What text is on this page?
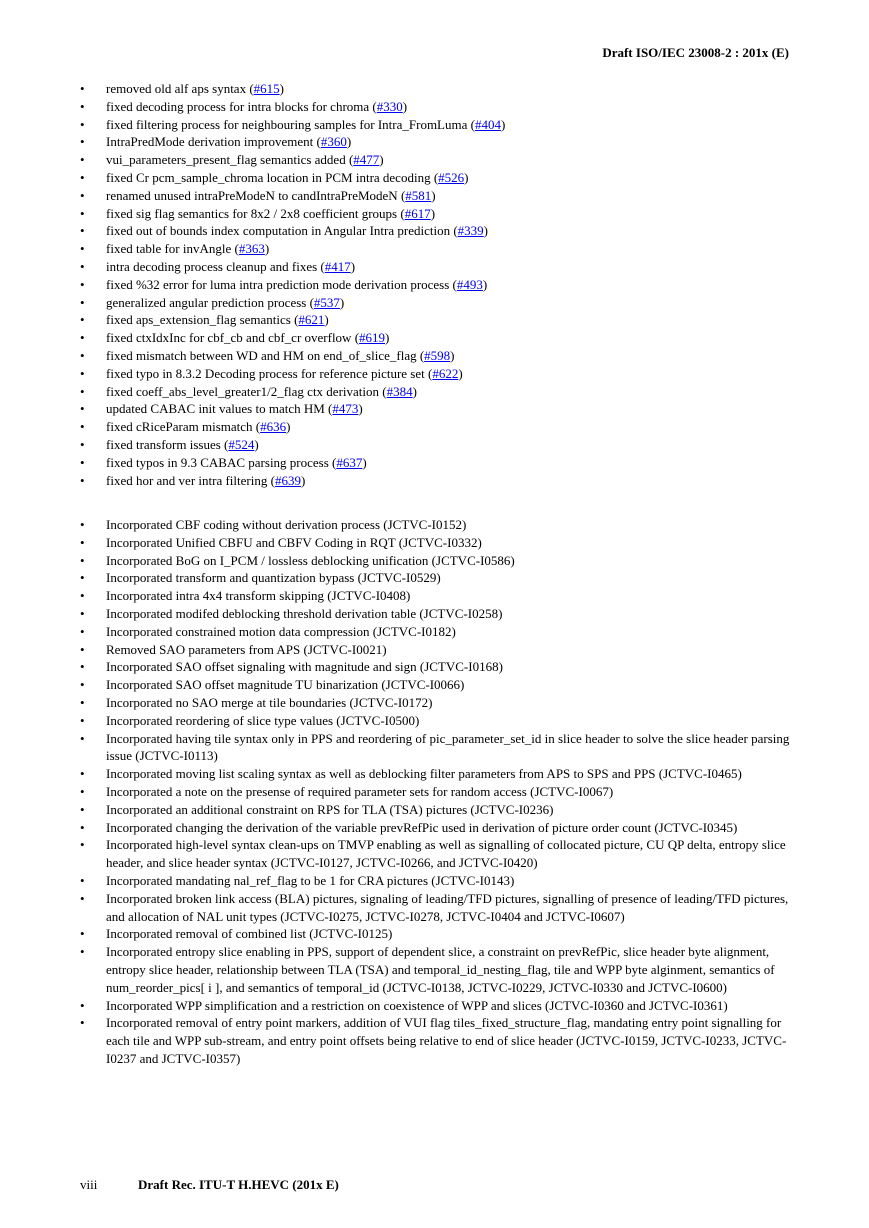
Draft ISO/IEC 23008-2 : 201x (E)
• removed old alf aps syntax (#615)
• fixed decoding process for intra blocks for chroma (#330)
• fixed filtering process for neighbouring samples for Intra_FromLuma (#404)
• IntraPredMode derivation improvement (#360)
• vui_parameters_present_flag semantics added (#477)
• fixed Cr pcm_sample_chroma location in PCM intra decoding (#526)
• renamed unused intraPreModeN to candIntraPreModeN (#581)
• fixed sig flag semantics for 8x2 / 2x8 coefficient groups (#617)
• fixed out of bounds index computation in Angular Intra prediction (#339)
• fixed table for invAngle (#363)
• intra decoding process cleanup and fixes (#417)
• fixed %32 error for luma intra prediction mode derivation process (#493)
• generalized angular prediction process (#537)
• fixed aps_extension_flag semantics (#621)
• fixed ctxIdxInc for cbf_cb and cbf_cr overflow (#619)
• fixed mismatch between WD and HM on end_of_slice_flag (#598)
• fixed typo in 8.3.2 Decoding process for reference picture set (#622)
• fixed coeff_abs_level_greater1/2_flag ctx derivation (#384)
• updated CABAC init values to match HM (#473)
• fixed cRiceParam mismatch (#636)
• fixed transform issues (#524)
• fixed typos in 9.3 CABAC parsing process (#637)
• fixed hor and ver intra filtering (#639)
• Incorporated CBF coding without derivation process (JCTVC-I0152)
• Incorporated Unified CBFU and CBFV Coding in RQT (JCTVC-I0332)
• Incorporated BoG on I_PCM / lossless deblocking unification (JCTVC-I0586)
• Incorporated transform and quantization bypass (JCTVC-I0529)
• Incorporated intra 4x4 transform skipping (JCTVC-I0408)
• Incorporated modifed deblocking threshold derivation table (JCTVC-I0258)
• Incorporated constrained motion data compression (JCTVC-I0182)
• Removed SAO parameters from APS (JCTVC-I0021)
• Incorporated SAO offset signaling with magnitude and sign (JCTVC-I0168)
• Incorporated SAO offset magnitude TU binarization (JCTVC-I0066)
• Incorporated no SAO merge at tile boundaries (JCTVC-I0172)
• Incorporated reordering of slice type values (JCTVC-I0500)
• Incorporated having tile syntax only in PPS and reordering of pic_parameter_set_id in slice header to solve the slice header parsing issue (JCTVC-I0113)
• Incorporated moving list scaling syntax as well as deblocking filter parameters from APS to SPS and PPS (JCTVC-I0465)
• Incorporated a note on the presense of required parameter sets for random access (JCTVC-I0067)
• Incorporated an additional constraint on RPS for TLA (TSA) pictures (JCTVC-I0236)
• Incorporated changing the derivation of the variable prevRefPic used in derivation of picture order count (JCTVC-I0345)
• Incorporated high-level syntax clean-ups on TMVP enabling as well as signalling of collocated picture, CU QP delta, entropy slice header, and slice header syntax (JCTVC-I0127, JCTVC-I0266, and JCTVC-I0420)
• Incorporated mandating nal_ref_flag to be 1 for CRA pictures (JCTVC-I0143)
• Incorporated broken link access (BLA) pictures, signaling of leading/TFD pictures, signalling of presence of leading/TFD pictures, and allocation of NAL unit types (JCTVC-I0275, JCTVC-I0278, JCTVC-I0404 and JCTVC-I0607)
• Incorporated removal of combined list (JCTVC-I0125)
• Incorporated entropy slice enabling in PPS, support of dependent slice, a constraint on prevRefPic, slice header byte alignment, entropy slice header, relationship between TLA (TSA) and temporal_id_nesting_flag, tile and WPP byte alginment, semantics of num_reorder_pics[ i ], and semantics of temporal_id (JCTVC-I0138, JCTVC-I0229, JCTVC-I0330 and JCTVC-I0600)
• Incorporated WPP simplification and a restriction on coexistence of WPP and slices (JCTVC-I0360 and JCTVC-I0361)
• Incorporated removal of entry point markers, addition of VUI flag tiles_fixed_structure_flag, mandating entry point signalling for each tile and WPP sub-stream, and entry point offsets being relative to end of slice header (JCTVC-I0159, JCTVC-I0233, JCTVC-I0237 and JCTVC-I0357)
viii	Draft Rec. ITU-T H.HEVC (201x E)
